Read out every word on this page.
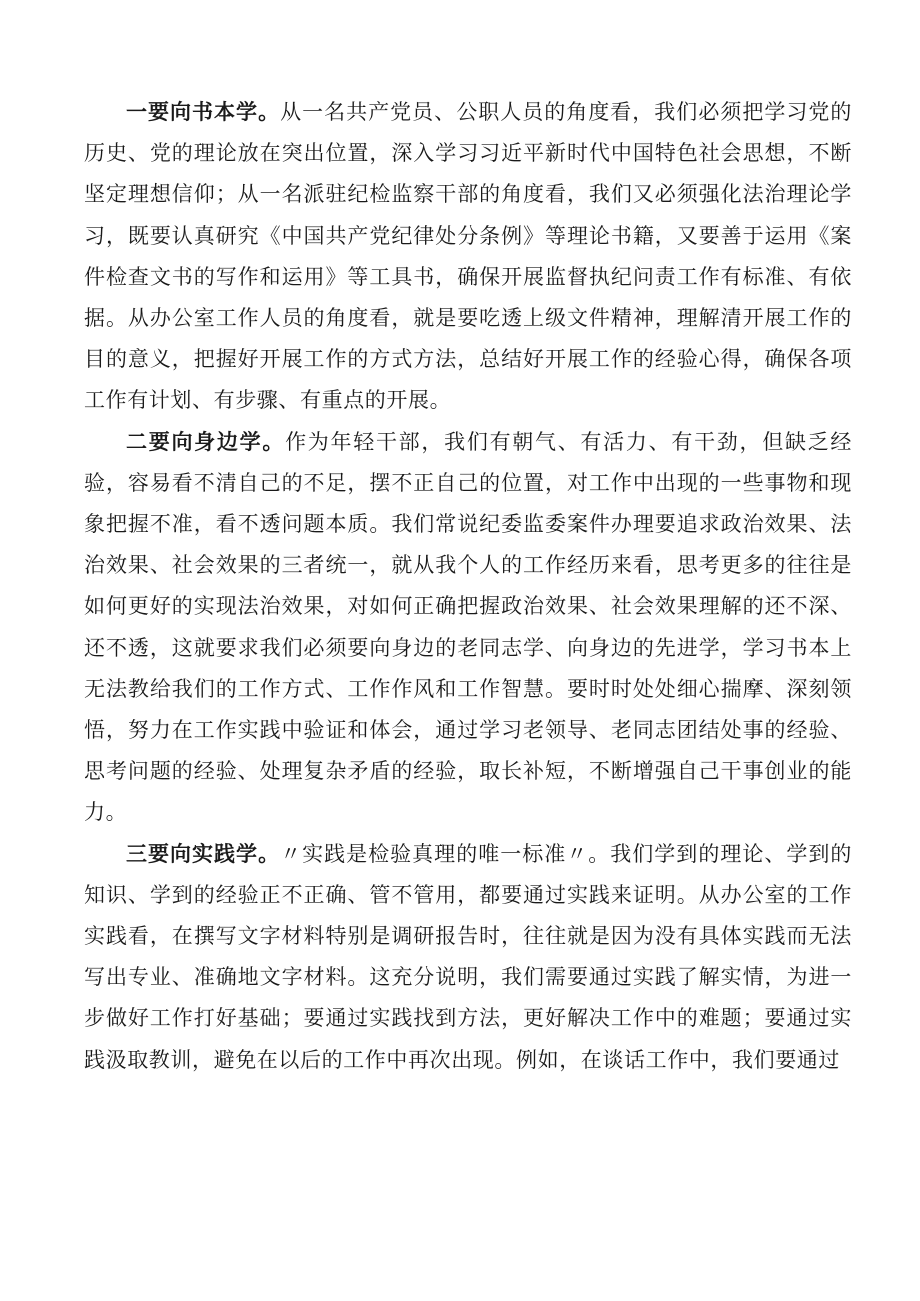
一要向书本学。从一名共产党员、公职人员的角度看，我们必须把学习党的历史、党的理论放在突出位置，深入学习习近平新时代中国特色社会思想，不断坚定理想信仰；从一名派驻纪检监察干部的角度看，我们又必须强化法治理论学习，既要认真研究《中国共产党纪律处分条例》等理论书籍，又要善于运用《案件检查文书的写作和运用》等工具书，确保开展监督执纪问责工作有标准、有依据。从办公室工作人员的角度看，就是要吃透上级文件精神，理解清开展工作的目的意义，把握好开展工作的方式方法，总结好开展工作的经验心得，确保各项工作有计划、有步骤、有重点的开展。

二要向身边学。作为年轻干部，我们有朝气、有活力、有干劲，但缺乏经验，容易看不清自己的不足，摆不正自己的位置，对工作中出现的一些事物和现象把握不准，看不透问题本质。我们常说纪委监委案件办理要追求政治效果、法治效果、社会效果的三者统一，就从我个人的工作经历来看，思考更多的往往是如何更好的实现法治效果，对如何正确把握政治效果、社会效果理解的还不深、还不透，这就要求我们必须要向身边的老同志学、向身边的先进学，学习书本上无法教给我们的工作方式、工作作风和工作智慧。要时时处处细心揣摩、深刻领悟，努力在工作实践中验证和体会，通过学习老领导、老同志团结处事的经验、思考问题的经验、处理复杂矛盾的经验，取长补短，不断增强自己干事创业的能力。

三要向实践学。〃实践是检验真理的唯一标准〃。我们学到的理论、学到的知识、学到的经验正不正确、管不管用，都要通过实践来证明。从办公室的工作实践看，在撰写文字材料特别是调研报告时，往往就是因为没有具体实践而无法写出专业、准确地文字材料。这充分说明，我们需要通过实践了解实情，为进一步做好工作打好基础；要通过实践找到方法，更好解决工作中的难题；要通过实践汲取教训，避免在以后的工作中再次出现。例如，在谈话工作中，我们要通过
